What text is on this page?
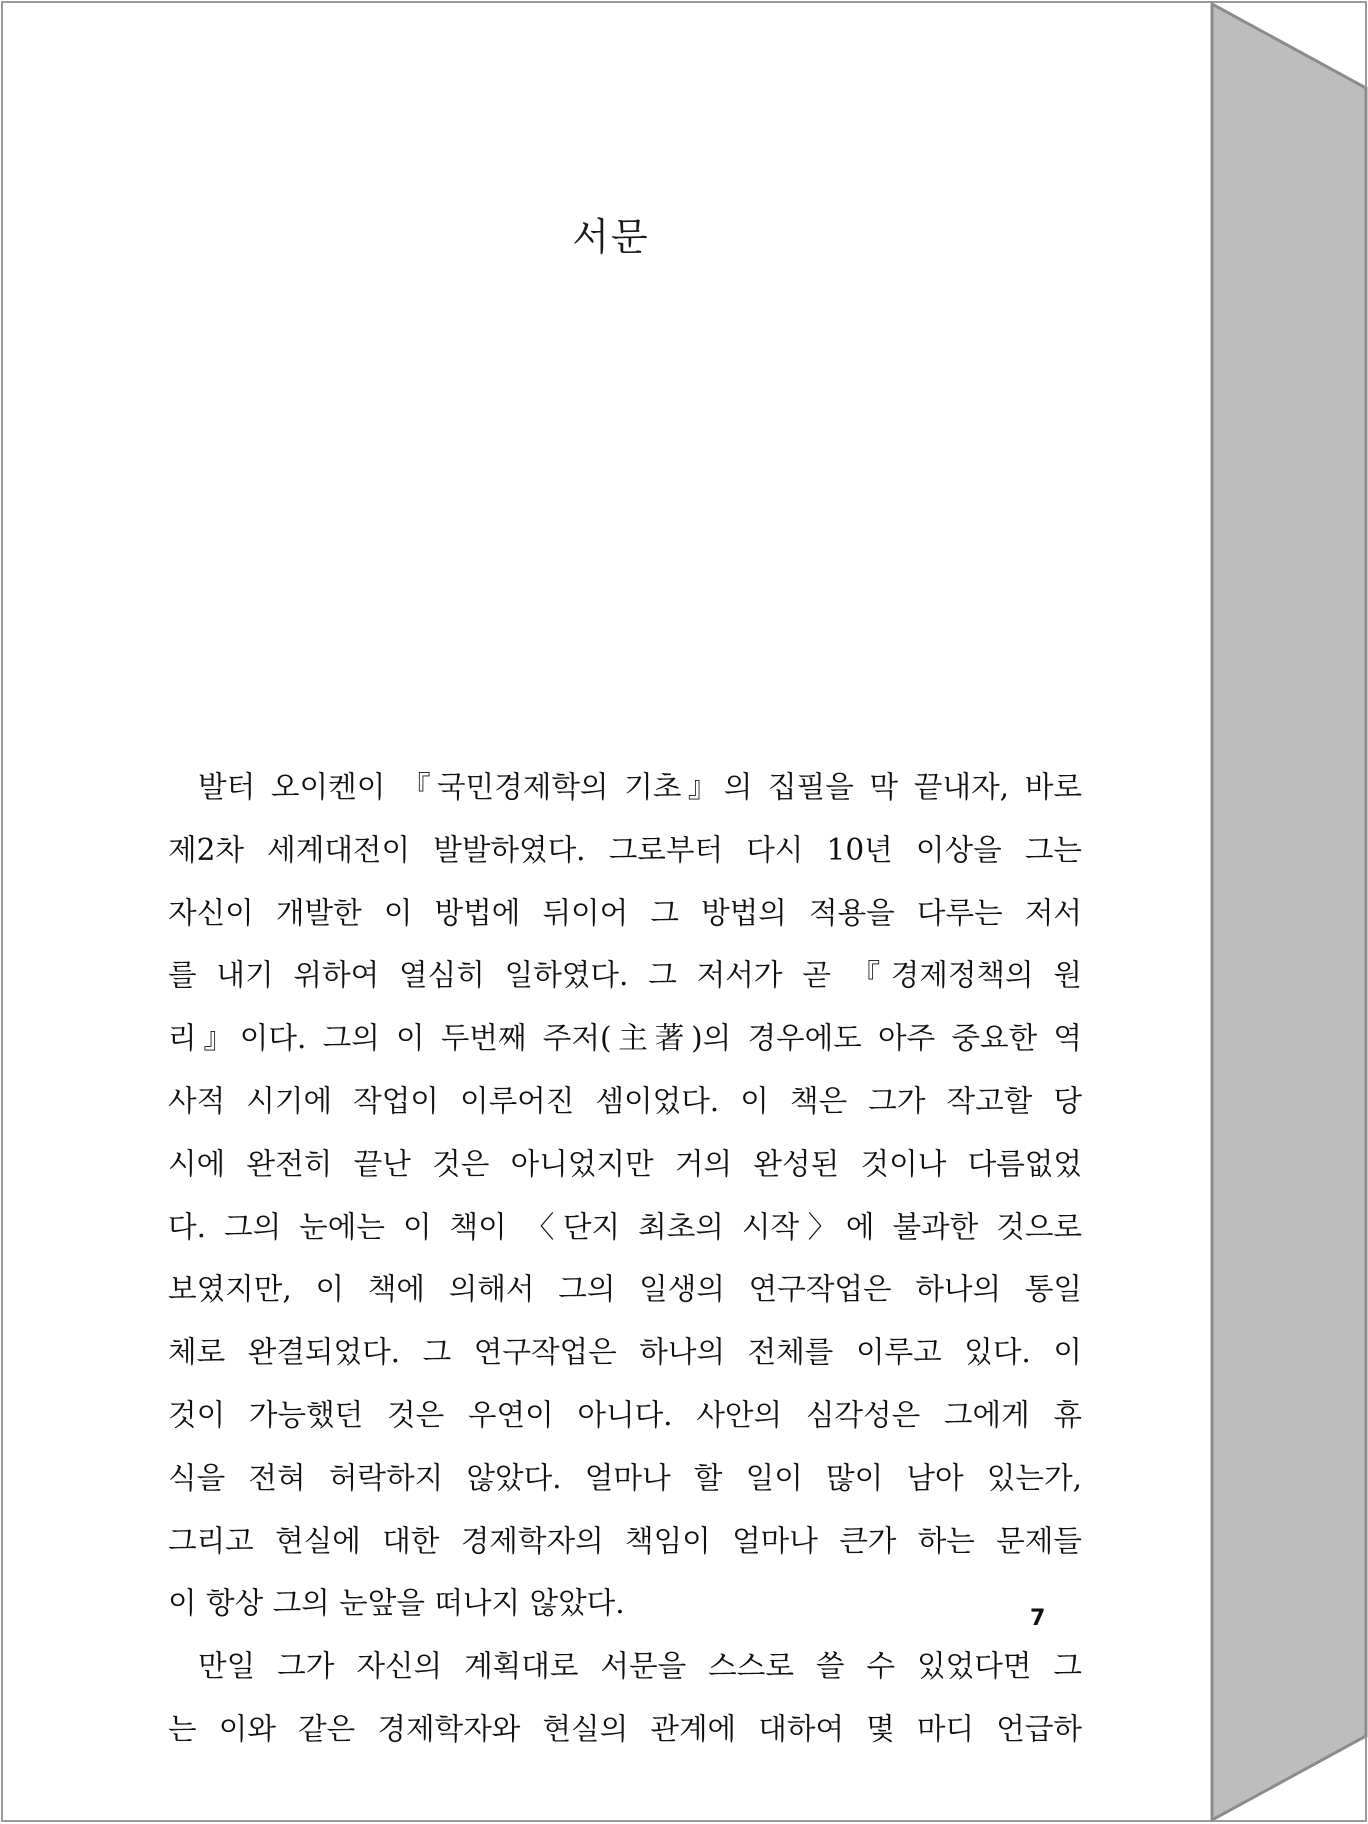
서문
발터 오이켄이 『국민경제학의 기초』의 집필을 막 끝내자, 바로
제2차 세계대전이 발발하였다. 그로부터 다시 10년 이상을 그는
자신이 개발한 이 방법에 뒤이어 그 방법의 적용을 다루는 저서
를 내기 위하여 열심히 일하였다. 그 저서가 곧 『경제정책의 원
리』이다. 그의 이 두번째 주저(主著)의 경우에도 아주 중요한 역
사적 시기에 작업이 이루어진 셈이었다. 이 책은 그가 작고할 당
시에 완전히 끝난 것은 아니었지만 거의 완성된 것이나 다름없었
다. 그의 눈에는 이 책이 〈단지 최초의 시작〉에 불과한 것으로
보였지만, 이 책에 의해서 그의 일생의 연구작업은 하나의 통일
체로 완결되었다. 그 연구작업은 하나의 전체를 이루고 있다. 이
것이 가능했던 것은 우연이 아니다. 사안의 심각성은 그에게 휴
식을 전혀 허락하지 않았다. 얼마나 할 일이 많이 남아 있는가,
그리고 현실에 대한 경제학자의 책임이 얼마나 큰가 하는 문제들
이 항상 그의 눈앞을 떠나지 않았다.
만일 그가 자신의 계획대로 서문을 스스로 쓸 수 있었다면 그
는 이와 같은 경제학자와 현실의 관계에 대하여 몇 마디 언급하
7
